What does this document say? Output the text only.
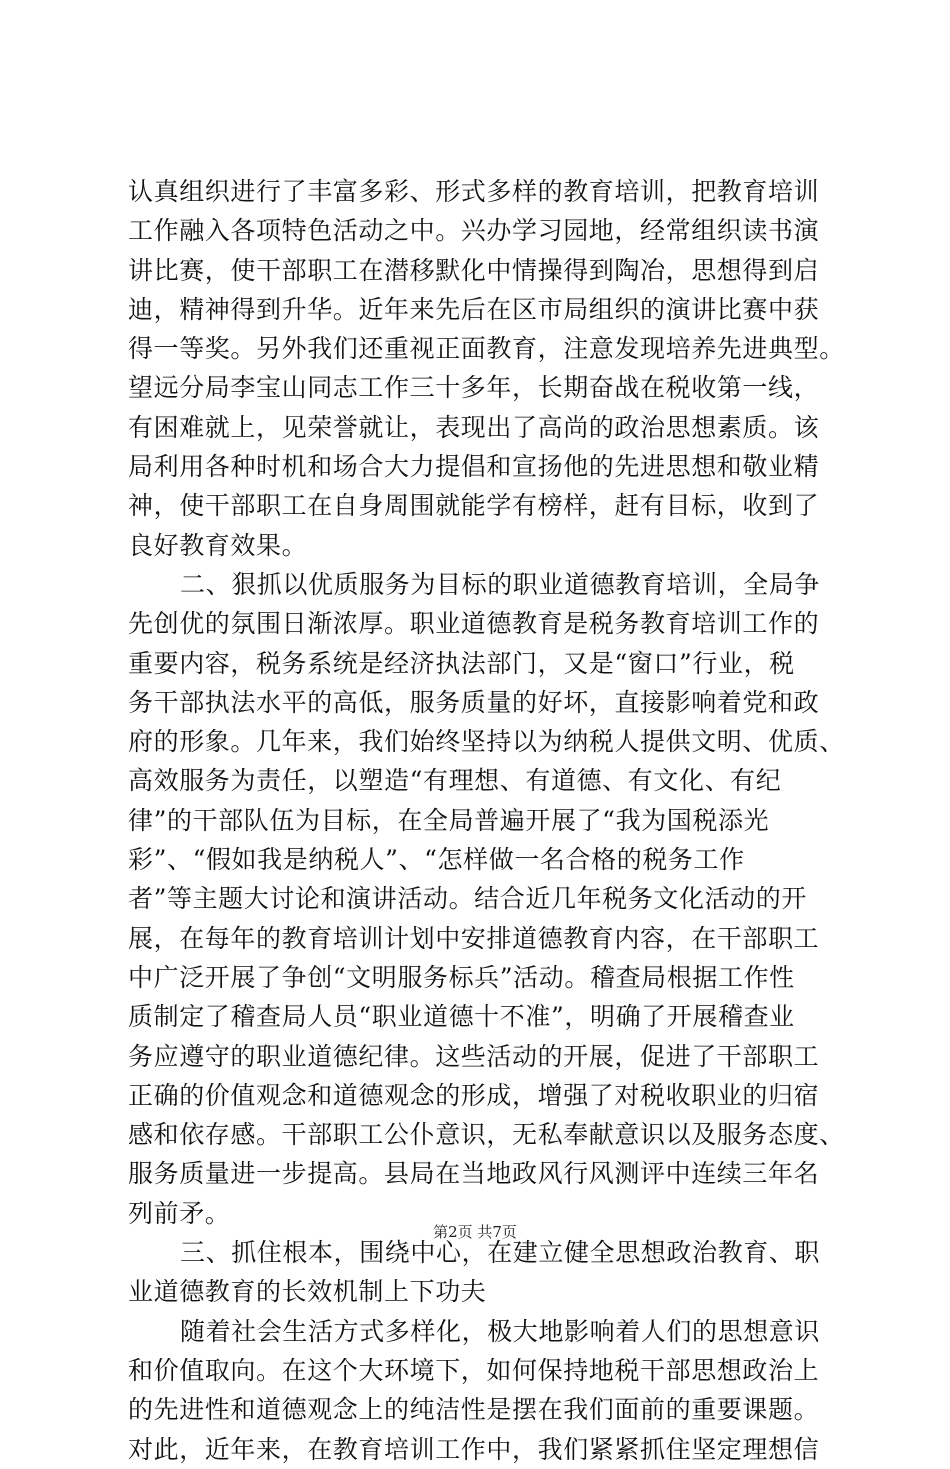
认真组织进行了丰富多彩、形式多样的教育培训，把教育培训
工作融入各项特色活动之中。兴办学习园地，经常组织读书演
讲比赛，使干部职工在潜移默化中情操得到陶冶，思想得到启
迪，精神得到升华。近年来先后在区市局组织的演讲比赛中获
得一等奖。另外我们还重视正面教育，注意发现培养先进典型。
望远分局李宝山同志工作三十多年，长期奋战在税收第一线，
有困难就上，见荣誉就让，表现出了高尚的政治思想素质。该
局利用各种时机和场合大力提倡和宣扬他的先进思想和敬业精
神，使干部职工在自身周围就能学有榜样，赶有目标，收到了
良好教育效果。
二、狠抓以优质服务为目标的职业道德教育培训，全局争
先创优的氛围日渐浓厚。职业道德教育是税务教育培训工作的
重要内容，税务系统是经济执法部门，又是“窗口”行业，税
务干部执法水平的高低，服务质量的好坏，直接影响着党和政
府的形象。几年来，我们始终坚持以为纳税人提供文明、优质、
高效服务为责任，以塑造“有理想、有道德、有文化、有纪
律”的干部队伍为目标，在全局普遍开展了“我为国税添光
彩”、“假如我是纳税人”、“怎样做一名合格的税务工作
者”等主题大讨论和演讲活动。结合近几年税务文化活动的开
展，在每年的教育培训计划中安排道德教育内容，在干部职工
中广泛开展了争创“文明服务标兵”活动。稽查局根据工作性
质制定了稽查局人员“职业道德十不准”，明确了开展稽查业
务应遵守的职业道德纪律。这些活动的开展，促进了干部职工
正确的价值观念和道德观念的形成，增强了对税收职业的归宿
感和依存感。干部职工公仆意识，无私奉献意识以及服务态度、
服务质量进一步提高。县局在当地政风行风测评中连续三年名
列前矛。
三、抓住根本，围绕中心，在建立健全思想政治教育、职
业道德教育的长效机制上下功夫
随着社会生活方式多样化，极大地影响着人们的思想意识
和价值取向。在这个大环境下，如何保持地税干部思想政治上
的先进性和道德观念上的纯洁性是摆在我们面前的重要课题。
对此，近年来，在教育培训工作中，我们紧紧抓住坚定理想信
第2页 共7页
